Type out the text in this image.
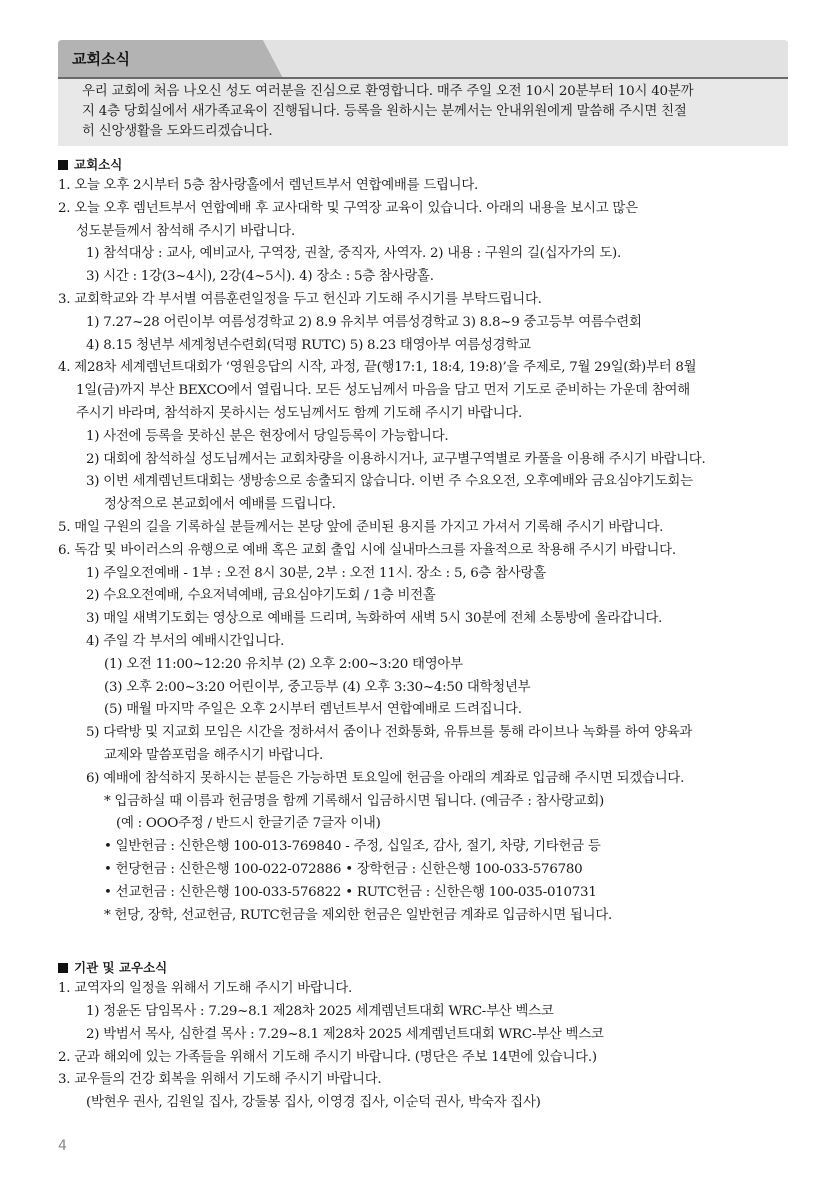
교회소식
우리 교회에 처음 나오신 성도 여러분을 진심으로 환영합니다. 매주 주일 오전 10시 20분부터 10시 40분까
지 4층 당회실에서 새가족교육이 진행됩니다. 등록을 원하시는 분께서는 안내위원에게 말씀해 주시면 친절
히 신앙생활을 도와드리겠습니다.
교회소식
1. 오늘 오후 2시부터 5층 참사랑홀에서 렘넌트부서 연합예배를 드립니다.
2. 오늘 오후 렘넌트부서 연합예배 후 교사대학 및 구역장 교육이 있습니다. 아래의 내용을 보시고 많은
성도분들께서 참석해 주시기 바랍니다.
1) 참석대상 : 교사, 예비교사, 구역장, 권찰, 중직자, 사역자. 2) 내용 : 구원의 길(십자가의 도).
3) 시간 : 1강(3~4시), 2강(4~5시). 4) 장소 : 5층 참사랑홀.
3. 교회학교와 각 부서별 여름훈련일정을 두고 헌신과 기도해 주시기를 부탁드립니다.
1) 7.27~28 어린이부 여름성경학교 2) 8.9 유치부 여름성경학교 3) 8.8~9 중고등부 여름수련회
4) 8.15 청년부 세계청년수련회(덕평 RUTC) 5) 8.23 태영아부 여름성경학교
4. 제28차 세계렘넌트대회가 ‘영원응답의 시작, 과정, 끝(행17:1, 18:4, 19:8)’을 주제로, 7월 29일(화)부터 8월
1일(금)까지 부산 BEXCO에서 열립니다. 모든 성도님께서 마음을 담고 먼저 기도로 준비하는 가운데 참여해
주시기 바라며, 참석하지 못하시는 성도님께서도 함께 기도해 주시기 바랍니다.
1) 사전에 등록을 못하신 분은 현장에서 당일등록이 가능합니다.
2) 대회에 참석하실 성도님께서는 교회차량을 이용하시거나, 교구별구역별로 카풀을 이용해 주시기 바랍니다.
3) 이번 세계렘넌트대회는 생방송으로 송출되지 않습니다. 이번 주 수요오전, 오후예배와 금요심야기도회는
정상적으로 본교회에서 예배를 드립니다.
5. 매일 구원의 길을 기록하실 분들께서는 본당 앞에 준비된 용지를 가지고 가셔서 기록해 주시기 바랍니다.
6. 독감 및 바이러스의 유행으로 예배 혹은 교회 출입 시에 실내마스크를 자율적으로 착용해 주시기 바랍니다.
1) 주일오전예배 - 1부 : 오전 8시 30분, 2부 : 오전 11시. 장소 : 5, 6층 참사랑홀
2) 수요오전예배, 수요저녁예배, 금요심야기도회 / 1층 비전홀
3) 매일 새벽기도회는 영상으로 예배를 드리며, 녹화하여 새벽 5시 30분에 전체 소통방에 올라갑니다.
4) 주일 각 부서의 예배시간입니다.
(1) 오전 11:00~12:20 유치부 (2) 오후 2:00~3:20 태영아부
(3) 오후 2:00~3:20 어린이부, 중고등부 (4) 오후 3:30~4:50 대학청년부
(5) 매월 마지막 주일은 오후 2시부터 렘넌트부서 연합예배로 드려집니다.
5) 다락방 및 지교회 모임은 시간을 정하셔서 줌이나 전화통화, 유튜브를 통해 라이브나 녹화를 하여 양육과
교제와 말씀포럼을 해주시기 바랍니다.
6) 예배에 참석하지 못하시는 분들은 가능하면 토요일에 헌금을 아래의 계좌로 입금해 주시면 되겠습니다.
* 입금하실 때 이름과 헌금명을 함께 기록해서 입금하시면 됩니다. (예금주 : 참사랑교회)
(예 : OOO주정 / 반드시 한글기준 7글자 이내)
• 일반헌금 : 신한은행 100-013-769840 - 주정, 십일조, 감사, 절기, 차량, 기타헌금 등
• 헌당헌금 : 신한은행 100-022-072886 • 장학헌금 : 신한은행 100-033-576780
• 선교헌금 : 신한은행 100-033-576822 • RUTC헌금 : 신한은행 100-035-010731
* 헌당, 장학, 선교헌금, RUTC헌금을 제외한 헌금은 일반헌금 계좌로 입금하시면 됩니다.
기관 및 교우소식
1. 교역자의 일정을 위해서 기도해 주시기 바랍니다.
1) 정윤돈 담임목사 : 7.29~8.1 제28차 2025 세계렘넌트대회 WRC-부산 벡스코
2) 박범서 목사, 심한결 목사 : 7.29~8.1 제28차 2025 세계렘넌트대회 WRC-부산 벡스코
2. 군과 해외에 있는 가족들을 위해서 기도해 주시기 바랍니다. (명단은 주보 14면에 있습니다.)
3. 교우들의 건강 회복을 위해서 기도해 주시기 바랍니다.
(박현우 권사, 김원일 집사, 강둘봉 집사, 이영경 집사, 이순덕 권사, 박숙자 집사)
4
